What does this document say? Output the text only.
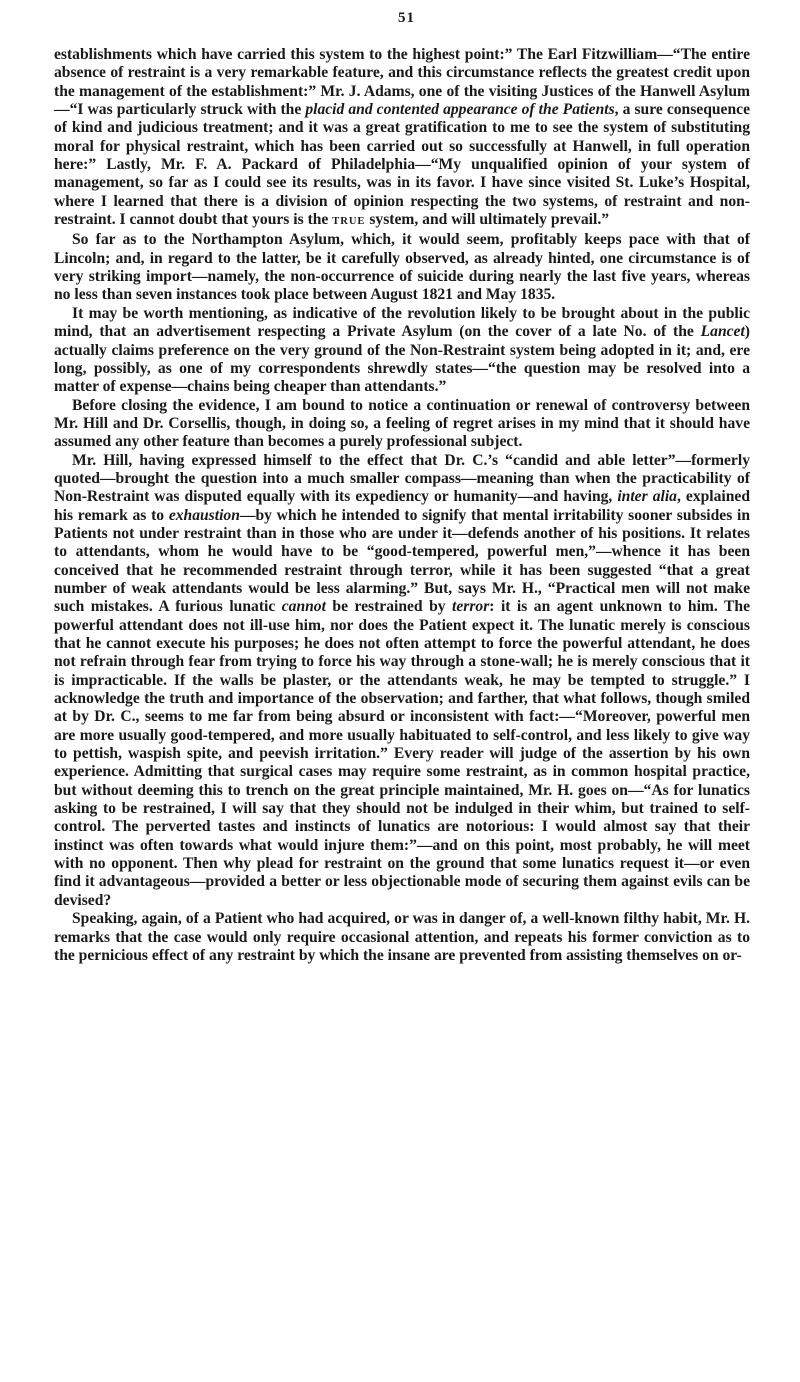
51

establishments which have carried this system to the highest point:” The Earl Fitzwilliam—“The entire absence of restraint is a very remarkable feature, and this circumstance reflects the greatest credit upon the management of the establishment:” Mr. J. Adams, one of the visiting Justices of the Hanwell Asylum—“I was particularly struck with the placid and contented appearance of the Patients, a sure consequence of kind and judicious treatment; and it was a great gratification to me to see the system of substituting moral for physical restraint, which has been carried out so successfully at Hanwell, in full operation here:” Lastly, Mr. F. A. Packard of Philadelphia—“My unqualified opinion of your system of management, so far as I could see its results, was in its favor. I have since visited St. Luke’s Hospital, where I learned that there is a division of opinion respecting the two systems, of restraint and non-restraint. I cannot doubt that yours is the TRUE system, and will ultimately prevail.”

So far as to the Northampton Asylum, which, it would seem, profitably keeps pace with that of Lincoln; and, in regard to the latter, be it carefully observed, as already hinted, one circumstance is of very striking import—namely, the non-occurrence of suicide during nearly the last five years, whereas no less than seven instances took place between August 1821 and May 1835.

It may be worth mentioning, as indicative of the revolution likely to be brought about in the public mind, that an advertisement respecting a Private Asylum (on the cover of a late No. of the Lancet) actually claims preference on the very ground of the Non-Restraint system being adopted in it; and, ere long, possibly, as one of my correspondents shrewdly states—“the question may be resolved into a matter of expense—chains being cheaper than attendants.”

Before closing the evidence, I am bound to notice a continuation or renewal of controversy between Mr. Hill and Dr. Corsellis, though, in doing so, a feeling of regret arises in my mind that it should have assumed any other feature than becomes a purely professional subject.

Mr. Hill, having expressed himself to the effect that Dr. C.’s “candid and able letter”—formerly quoted—brought the question into a much smaller compass—meaning than when the practicability of Non-Restraint was disputed equally with its expediency or humanity—and having, inter alia, explained his remark as to exhaustion—by which he intended to signify that mental irritability sooner subsides in Patients not under restraint than in those who are under it—defends another of his positions. It relates to attendants, whom he would have to be “good-tempered, powerful men,”—whence it has been conceived that he recommended restraint through terror, while it has been suggested “that a great number of weak attendants would be less alarming.” But, says Mr. H., “Practical men will not make such mistakes. A furious lunatic cannot be restrained by terror: it is an agent unknown to him. The powerful attendant does not ill-use him, nor does the Patient expect it. The lunatic merely is conscious that he cannot execute his purposes; he does not often attempt to force the powerful attendant, he does not refrain through fear from trying to force his way through a stone-wall; he is merely conscious that it is impracticable. If the walls be plaster, or the attendants weak, he may be tempted to struggle.” I acknowledge the truth and importance of the observation; and farther, that what follows, though smiled at by Dr. C., seems to me far from being absurd or inconsistent with fact:—“Moreover, powerful men are more usually good-tempered, and more usually habituated to self-control, and less likely to give way to pettish, waspish spite, and peevish irritation.” Every reader will judge of the assertion by his own experience. Admitting that surgical cases may require some restraint, as in common hospital practice, but without deeming this to trench on the great principle maintained, Mr. H. goes on—“As for lunatics asking to be restrained, I will say that they should not be indulged in their whim, but trained to self-control. The perverted tastes and instincts of lunatics are notorious: I would almost say that their instinct was often towards what would injure them:”—and on this point, most probably, he will meet with no opponent. Then why plead for restraint on the ground that some lunatics request it—or even find it advantageous—provided a better or less objectionable mode of securing them against evils can be devised?

Speaking, again, of a Patient who had acquired, or was in danger of, a well-known filthy habit, Mr. H. remarks that the case would only require occasional attention, and repeats his former conviction as to the pernicious effect of any restraint by which the insane are prevented from assisting themselves on or-
